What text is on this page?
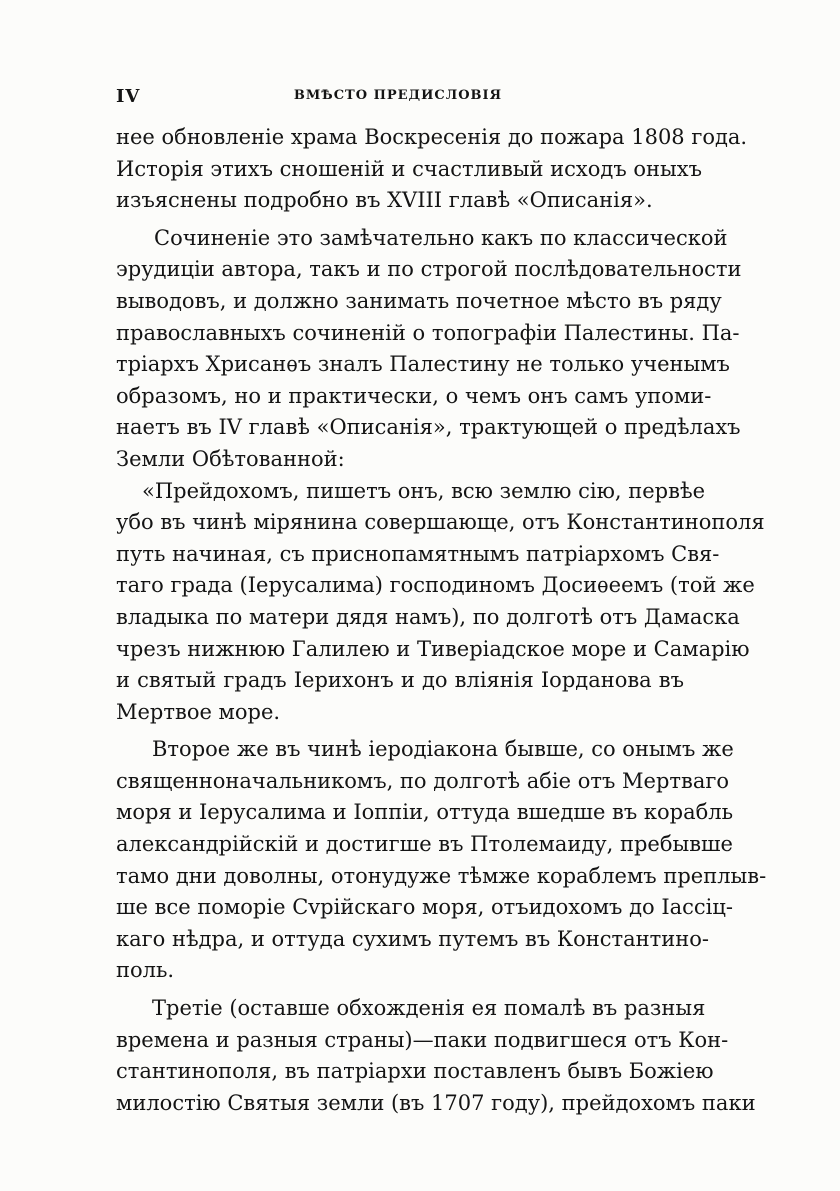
IV	ВМѢСТО ПРЕДИСЛОВІЯ
нее обновленіе храма Воскресенія до пожара 1808 года.
Исторія этихъ сношеній и счастливый исходъ оныхъ
изъяснены подробно въ XVIII главѣ «Описанія».
Сочиненіе это замѣчательно какъ по классической
эрудиціи автора, такъ и по строгой послѣдовательности
выводовъ, и должно занимать почетное мѣсто въ ряду
православныхъ сочиненій о топографіи Палестины. Па-
тріархъ Хрисанѳъ зналъ Палестину не только ученымъ
образомъ, но и практически, о чемъ онъ самъ упоми-
наетъ въ IV главѣ «Описанія», трактующей о предѣлахъ
Земли Обѣтованной:
«Прейдохомъ, пишетъ онъ, всю землю сію, первѣе
убо въ чинѣ мірянина совершающе, отъ Константинополя
путь начиная, съ приснопамятнымъ патріархомъ Свя-
таго града (Іерусалима) господиномъ Досиѳеемъ (той же
владыка по матери дядя намъ), по долготѣ отъ Дамаска
чрезъ нижнюю Галилею и Тиверіадское море и Самарію
и святый градъ Іерихонъ и до вліянія Іорданова въ
Мертвое море.
Второе же въ чинѣ іеродіакона бывше, со онымъ же
священноначальникомъ, по долготѣ абіе отъ Мертваго
моря и Іерусалима и Іоппіи, оттуда вшедше въ корабль
александрійскій и достигше въ Птолемаиду, пребывше
тамо дни доволны, отонудуже тѣмже кораблемъ преплыв-
ше все поморіе Сvрійскаго моря, отъидохомъ до Іассіц-
каго нѣдра, и оттуда сухимъ путемъ въ Константино-
поль.
Третіе (оставше обхожденія ея помалѣ въ разныя
времена и разныя страны)—паки подвигшеся отъ Кон-
стантинополя, въ патріархи поставленъ бывъ Божіею
милостію Святыя земли (въ 1707 году), прейдохомъ паки
